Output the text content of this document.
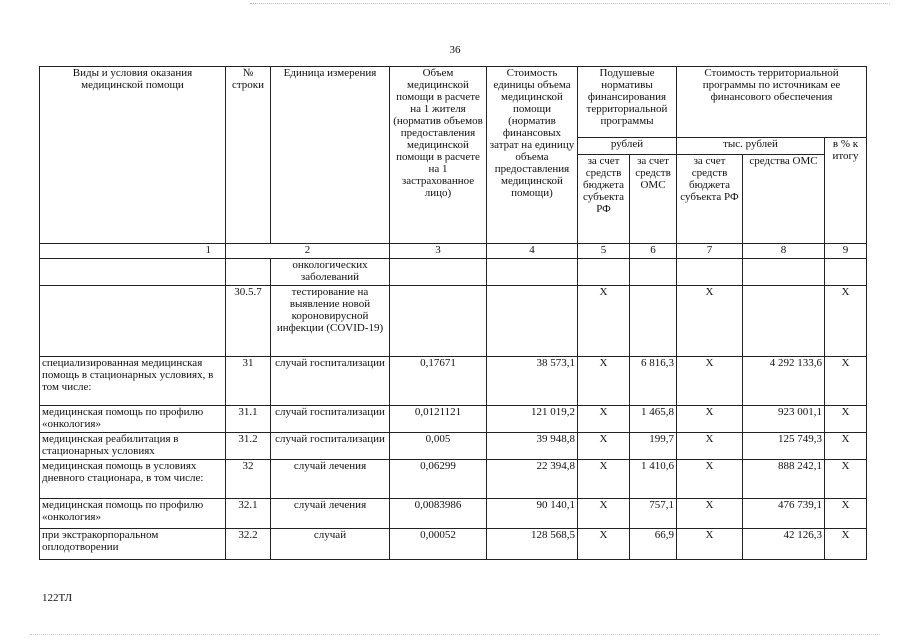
36
Виды и условия оказания медицинской помощи	№ строки	Единица измерения	Объем медицинской помощи в расчете на 1 жителя (норматив объемов предоставления медицинской помощи в расчете на 1 застрахованное лицо)	Стоимость единицы объема медицинской помощи (норматив финансовых затрат на единицу объема предоставления медицинской помощи)	Подушевые нормативы финансирования территориальной программы		Стоимость территориальной программы по источникам ее финансового обеспечения		
					рублей		тыс. рублей		в % к итогу
					за счет средств бюджета субъекта РФ	за счет средств ОМС	за счет средств бюджета субъекта РФ	средства ОМС	
1	2		3	4	5	6	7	8	9
		онкологических заболеваний							
	30.5.7	тестирование на выявление новой короновирусной инфекции (COVID-19)			Х		Х		Х
специализированная медицинская помощь в стационарных условиях, в том числе:	31	случай госпитализации	0,17671	38 573,1	Х	6 816,3	Х	4 292 133,6	Х
медицинская помощь по профилю «онкология»	31.1	случай госпитализации	0,0121121	121 019,2	Х	1 465,8	Х	923 001,1	Х
медицинская реабилитация в стационарных условиях	31.2	случай госпитализации	0,005	39 948,8	Х	199,7	Х	125 749,3	Х
медицинская помощь в условиях дневного стационара, в том числе:	32	случай лечения	0,06299	22 394,8	Х	1 410,6	Х	888 242,1	Х
медицинская помощь по профилю «онкология»	32.1	случай лечения	0,0083986	90 140,1	Х	757,1	Х	476 739,1	Х
при экстракорпоральном оплодотворении	32.2	случай	0,00052	128 568,5	Х	66,9	Х	42 126,3	Х
122ТЛ
